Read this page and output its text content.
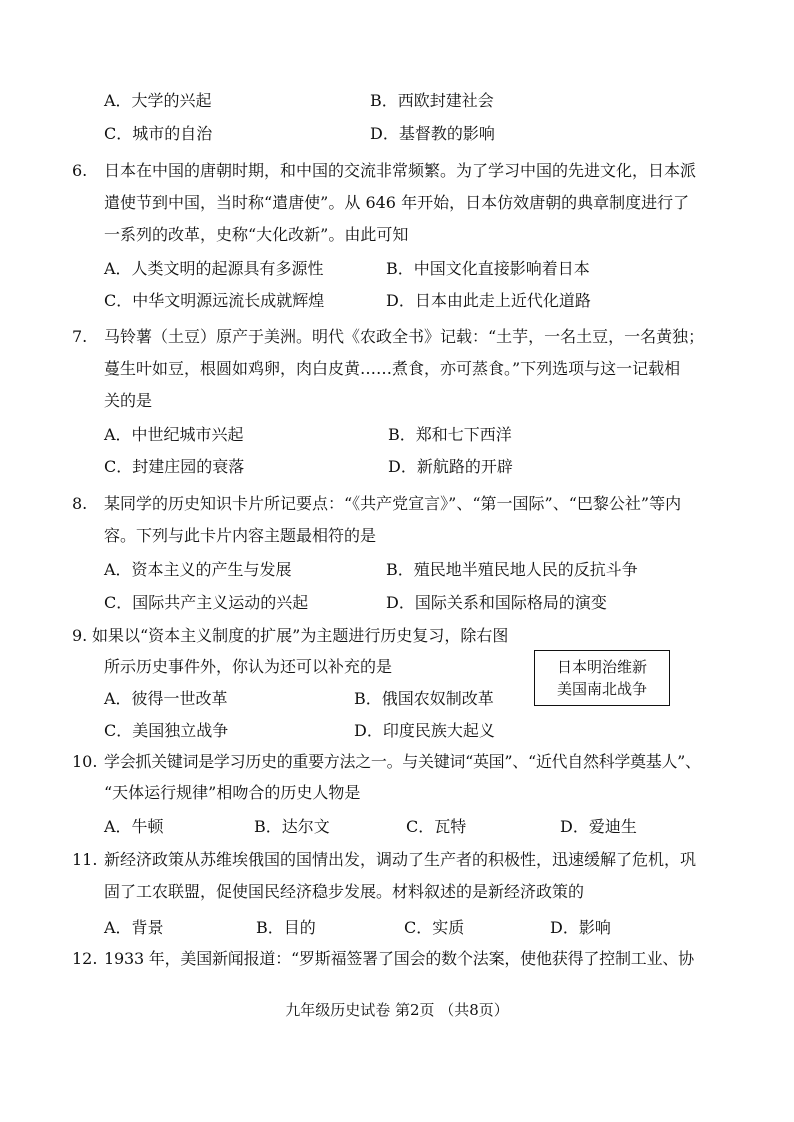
A．大学的兴起	B．西欧封建社会
C．城市的自治	D．基督教的影响
6. 日本在中国的唐朝时期，和中国的交流非常频繁。为了学习中国的先进文化，日本派
遣使节到中国，当时称“遣唐使”。从 646 年开始，日本仿效唐朝的典章制度进行了
一系列的改革，史称“大化改新”。由此可知
A．人类文明的起源具有多源性	B．中国文化直接影响着日本
C．中华文明源远流长成就辉煌	D．日本由此走上近代化道路
7. 马铃薯（土豆）原产于美洲。明代《农政全书》记载：“土芋，一名土豆，一名黄独；
蔓生叶如豆，根圆如鸡卵，肉白皮黄……煮食，亦可蒸食。”下列选项与这一记载相
关的是
A．中世纪城市兴起	B．郑和七下西洋
C．封建庄园的衰落	D．新航路的开辟
8. 某同学的历史知识卡片所记要点：“《共产党宣言》”、“第一国际”、“巴黎公社”等内
容。下列与此卡片内容主题最相符的是
A．资本主义的产生与发展	B．殖民地半殖民地人民的反抗斗争
C．国际共产主义运动的兴起	D．国际关系和国际格局的演变
9. 如果以“资本主义制度的扩展”为主题进行历史复习，除右图
所示历史事件外，你认为还可以补充的是	日本明治维新
美国南北战争
A．彼得一世改革	B．俄国农奴制改革
C．美国独立战争	D．印度民族大起义
10. 学会抓关键词是学习历史的重要方法之一。与关键词“英国”、“近代自然科学奠基人”、
“天体运行规律”相吻合的历史人物是
A．牛顿	B．达尔文	C．瓦特	D．爱迪生
11. 新经济政策从苏维埃俄国的国情出发，调动了生产者的积极性，迅速缓解了危机，巩
固了工农联盟，促使国民经济稳步发展。材料叙述的是新经济政策的
A．背景	B．目的	C．实质	D．影响
12. 1933 年，美国新闻报道：“罗斯福签署了国会的数个法案，使他获得了控制工业、协
九年级历史试卷 第2页 （共8页）
